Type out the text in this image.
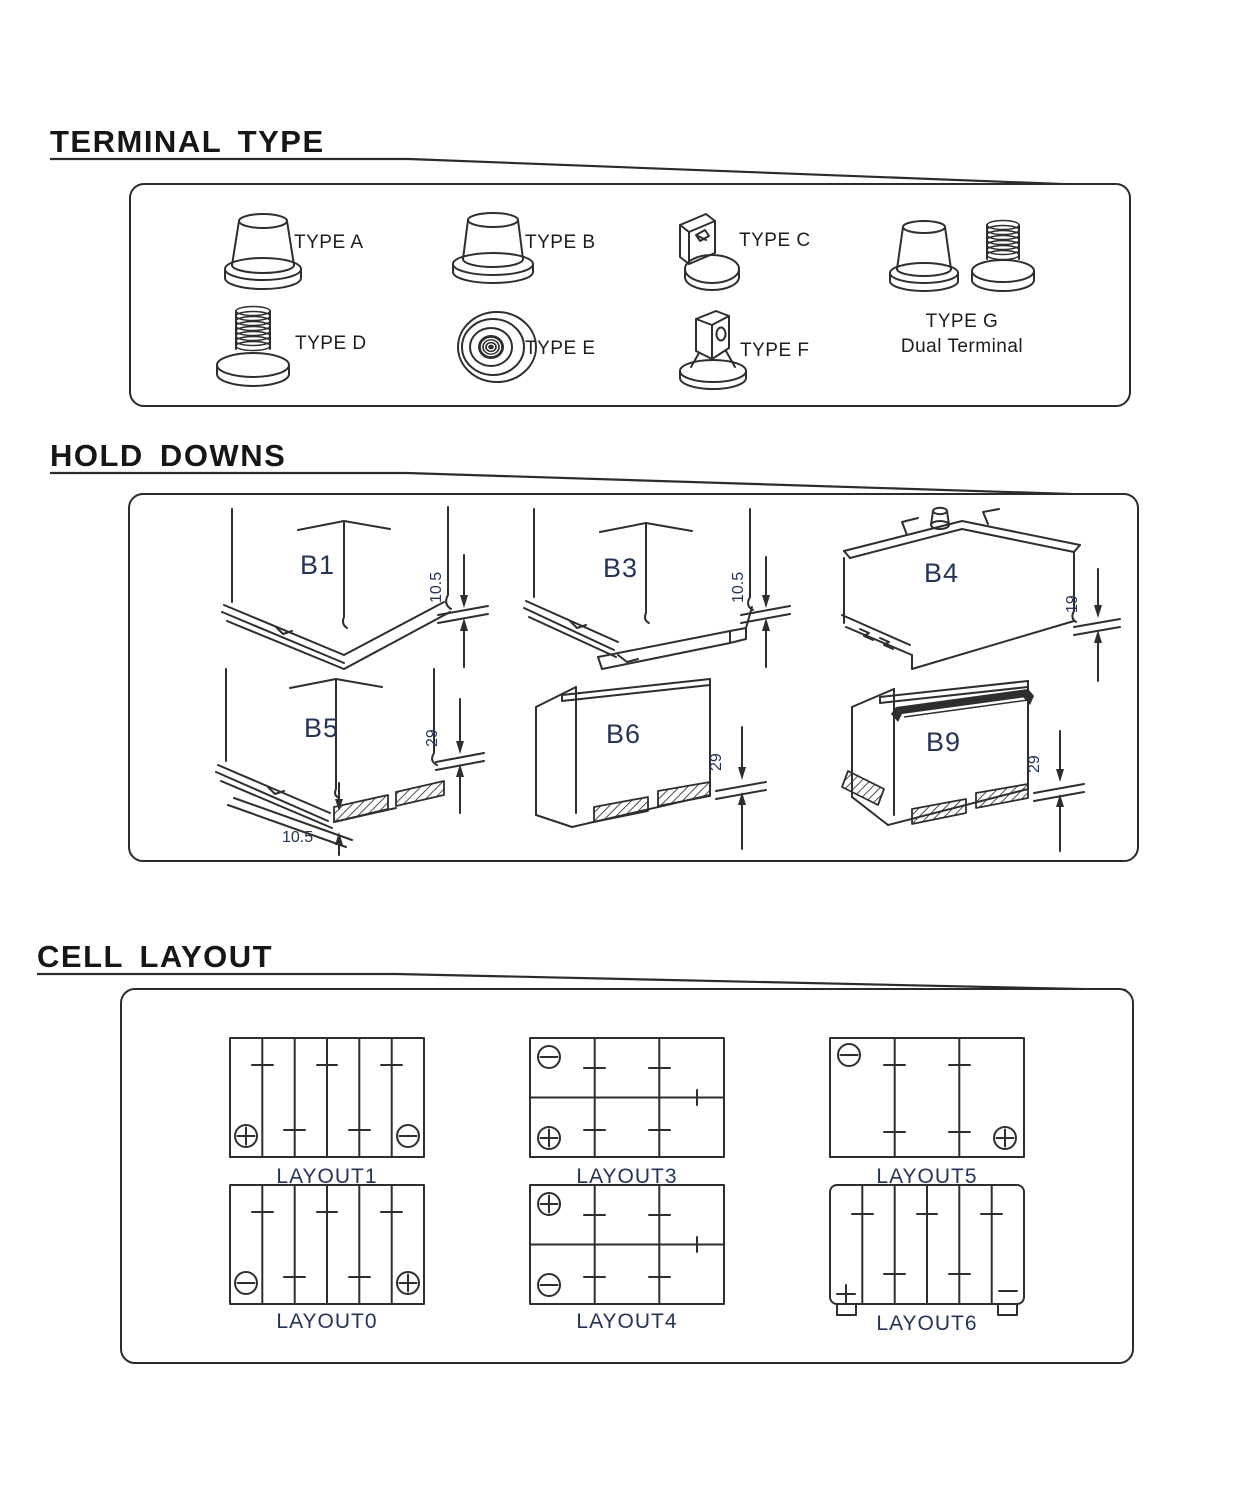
TERMINAL TYPE
TYPE A	TYPE B	TYPE C
TYPE G
Dual Terminal
TYPE D	TYPE E	TYPE F
HOLD DOWNS
B1
10.5
B3
10.5	B4
19
B5	29
10.5
B6
29
B9
29
CELL LAYOUT
LAYOUT1	LAYOUT3	LAYOUT5
LAYOUT0	LAYOUT4	LAYOUT6
